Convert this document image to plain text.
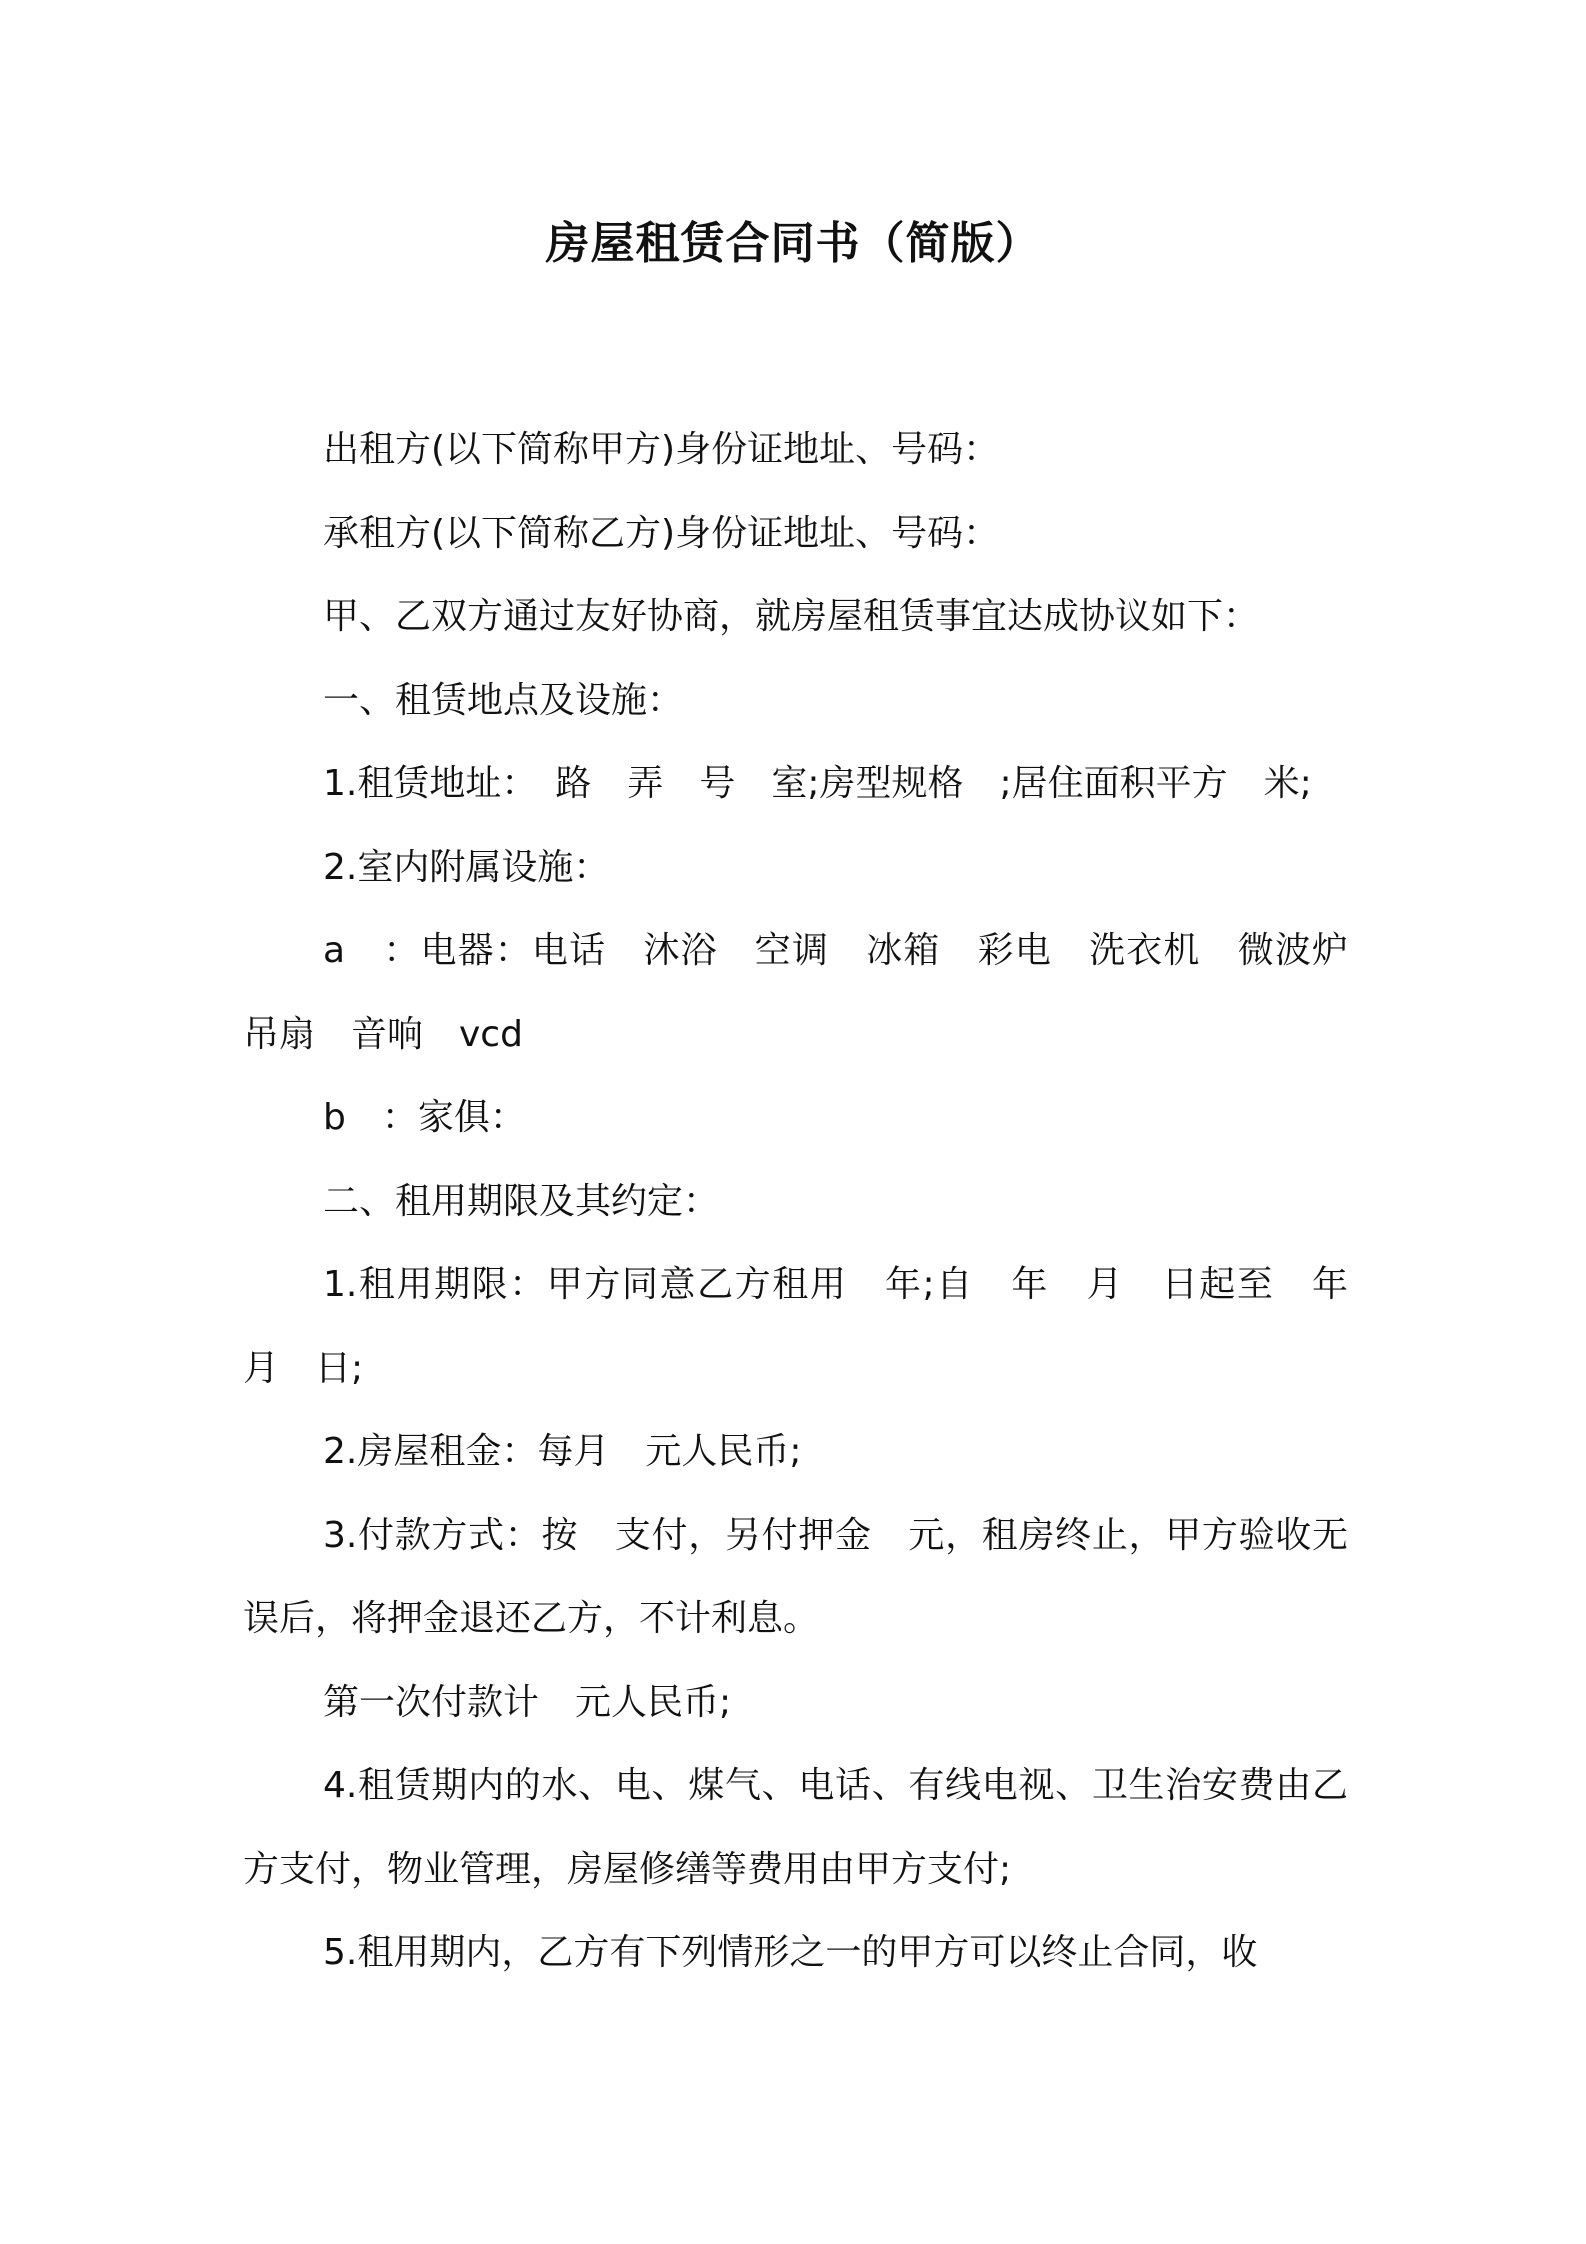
房屋租赁合同书（简版）

出租方(以下简称甲方)身份证地址、号码：

承租方(以下简称乙方)身份证地址、号码：

甲、乙双方通过友好协商，就房屋租赁事宜达成协议如下：

一、租赁地点及设施：

1.租赁地址：　路　弄　号　室;房型规格　;居住面积平方　米;

2.室内附属设施：

a　：电器：电话　沐浴　空调　冰箱　彩电　洗衣机　微波炉　吊扇　音响　vcd

b　：家俱：

二、租用期限及其约定：

1.租用期限：甲方同意乙方租用　年;自　年　月　日起至　年　月　日;

2.房屋租金：每月　元人民币;

3.付款方式：按　支付，另付押金　元，租房终止，甲方验收无误后，将押金退还乙方，不计利息。

第一次付款计　元人民币;

4.租赁期内的水、电、煤气、电话、有线电视、卫生治安费由乙方支付，物业管理，房屋修缮等费用由甲方支付;

5.租用期内，乙方有下列情形之一的甲方可以终止合同，收
